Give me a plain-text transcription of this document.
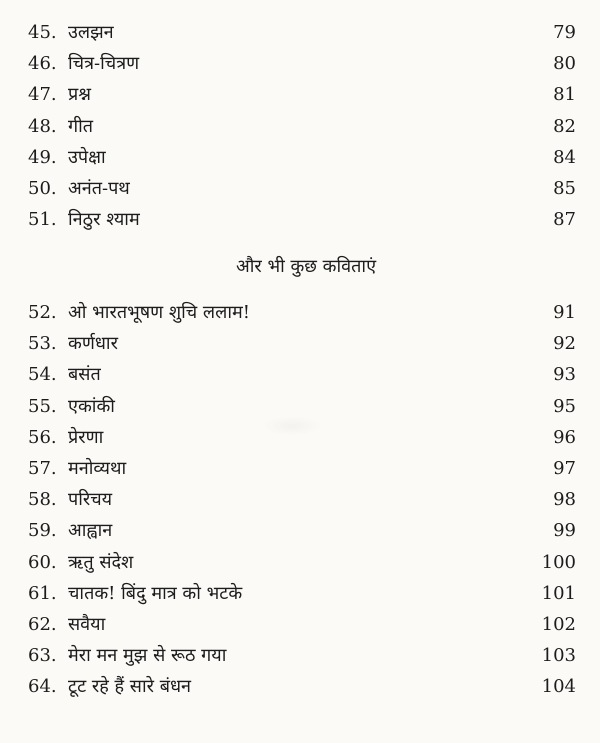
45. उलझन	79
46. चित्र-चित्रण	80
47. प्रश्न	81
48. गीत	82
49. उपेक्षा	84
50. अनंत-पथ	85
51. निठुर श्याम	87
और भी कुछ कविताएं
52. ओ भारतभूषण शुचि ललाम!	91
53. कर्णधार	92
54. बसंत	93
55. एकांकी	95
56. प्रेरणा	96
57. मनोव्यथा	97
58. परिचय	98
59. आह्वान	99
60. ऋतु संदेश	100
61. चातक! बिंदु मात्र को भटके	101
62. सवैया	102
63. मेरा मन मुझ से रूठ गया	103
64. टूट रहे हैं सारे बंधन	104
